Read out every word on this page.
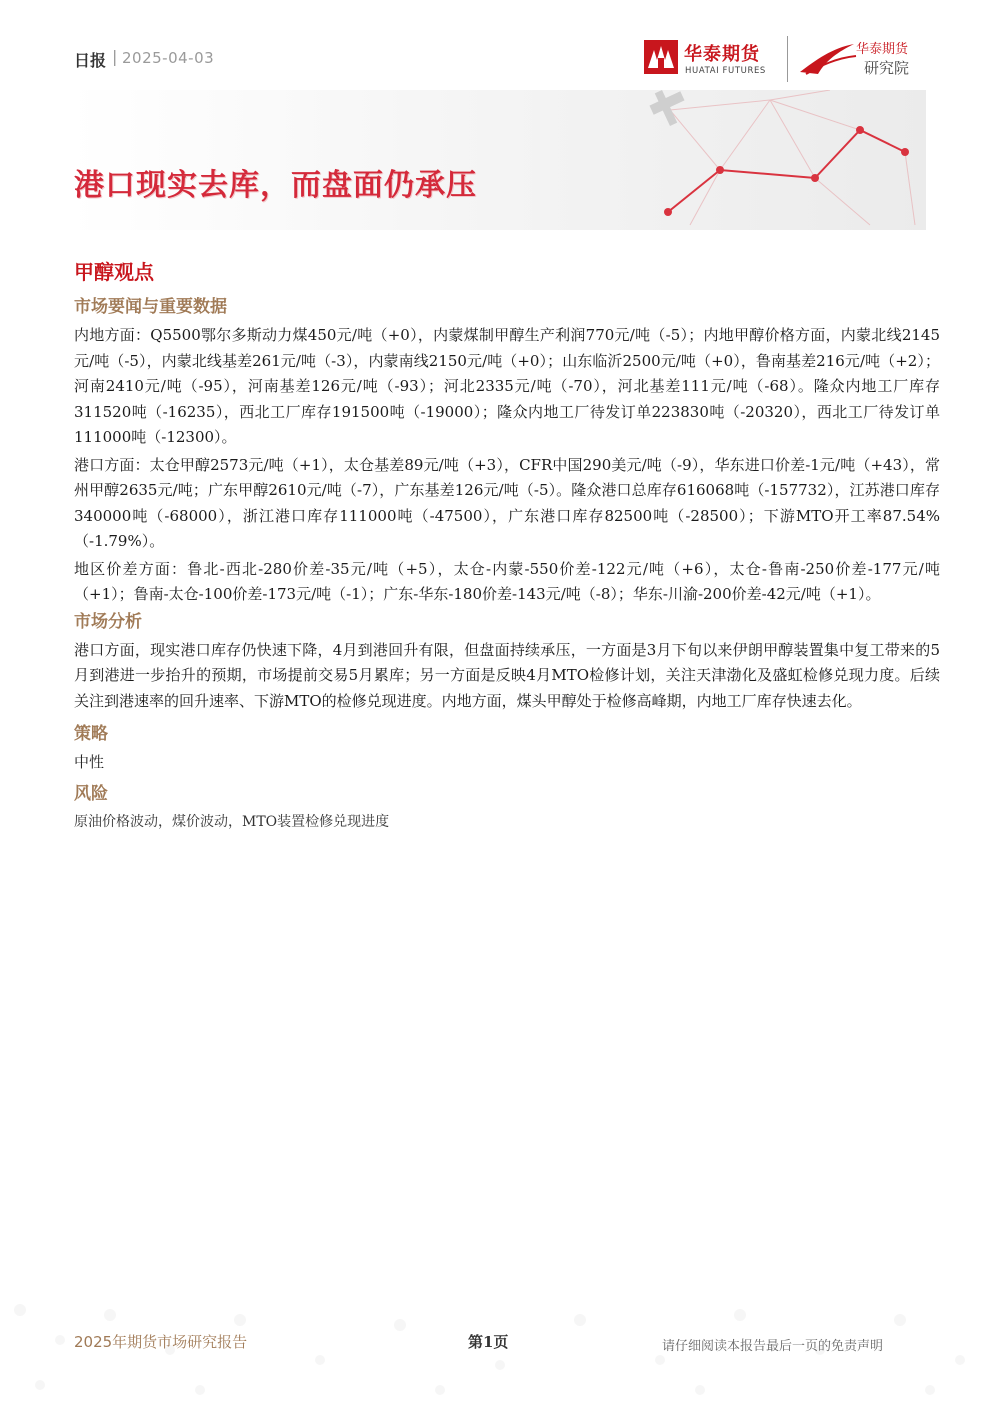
日报 | 2025-04-03	华泰期货
HUATAI FUTURES
华泰期货
研究院
港口现实去库，而盘面仍承压
甲醇观点
市场要闻与重要数据

内地方面：Q5500鄂尔多斯动力煤450元/吨（+0），内蒙煤制甲醇生产利润770元/吨（-5）；内地甲醇价格方面，内蒙北线2145元/吨（-5），内蒙北线基差261元/吨（-3），内蒙南线2150元/吨（+0）；山东临沂2500元/吨（+0），鲁南基差216元/吨（+2）；河南2410元/吨（-95），河南基差126元/吨（-93）；河北2335元/吨（-70），河北基差111元/吨（-68）。隆众内地工厂库存311520吨（-16235），西北工厂库存191500吨（-19000）；隆众内地工厂待发订单223830吨（-20320），西北工厂待发订单111000吨（-12300）。

港口方面：太仓甲醇2573元/吨（+1），太仓基差89元/吨（+3），CFR中国290美元/吨（-9），华东进口价差-1元/吨（+43），常州甲醇2635元/吨；广东甲醇2610元/吨（-7），广东基差126元/吨（-5）。隆众港口总库存616068吨（-157732），江苏港口库存340000吨（-68000），浙江港口库存111000吨（-47500），广东港口库存82500吨（-28500）；下游MTO开工率87.54%（-1.79%）。

地区价差方面：鲁北-西北-280价差-35元/吨（+5），太仓-内蒙-550价差-122元/吨（+6），太仓-鲁南-250价差-177元/吨（+1）；鲁南-太仓-100价差-173元/吨（-1）；广东-华东-180价差-143元/吨（-8）；华东-川渝-200价差-42元/吨（+1）。

市场分析

港口方面，现实港口库存仍快速下降，4月到港回升有限，但盘面持续承压，一方面是3月下旬以来伊朗甲醇装置集中复工带来的5月到港进一步抬升的预期，市场提前交易5月累库；另一方面是反映4月MTO检修计划，关注天津渤化及盛虹检修兑现力度。后续关注到港速率的回升速率、下游MTO的检修兑现进度。内地方面，煤头甲醇处于检修高峰期，内地工厂库存快速去化。

策略

中性

风险

原油价格波动，煤价波动，MTO装置检修兑现进度

2025年期货市场研究报告	第1页	请仔细阅读本报告最后一页的免责声明
